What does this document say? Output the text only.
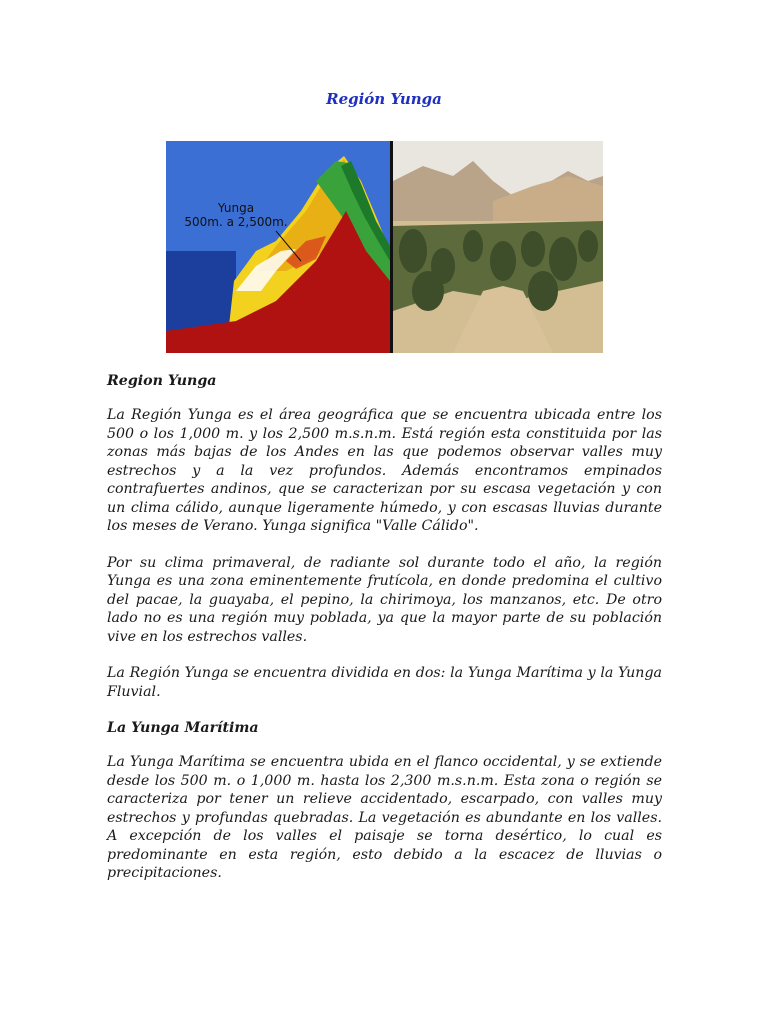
Región Yunga
Yunga
500m. a 2,500m.
Region Yunga

La Región Yunga es el área geográfica que se encuentra ubicada entre los 500 o los 1,000 m. y los 2,500 m.s.n.m. Está región esta constituida por las zonas más bajas de los Andes en las que podemos observar valles muy estrechos y a la vez profundos. Además encontramos empinados contrafuertes andinos, que se caracterizan por su escasa vegetación y con un clima cálido, aunque ligeramente húmedo, y con escasas lluvias durante los meses de Verano. Yunga significa "Valle Cálido".

Por su clima primaveral, de radiante sol durante todo el año, la región Yunga es una zona eminentemente frutícola, en donde predomina el cultivo del pacae, la guayaba, el pepino, la chirimoya, los manzanos, etc. De otro lado no es una región muy poblada, ya que la mayor parte de su población vive en los estrechos valles.

La Región Yunga se encuentra dividida en dos: la Yunga Marítima y la Yunga Fluvial.

La Yunga Marítima

La Yunga Marítima se encuentra ubida en el flanco occidental, y se extiende desde los 500 m. o 1,000 m. hasta los 2,300 m.s.n.m. Esta zona o región se caracteriza por tener un relieve accidentado, escarpado, con valles muy estrechos y profundas quebradas. La vegetación es abundante en los valles. A excepción de los valles el paisaje se torna desértico, lo cual es predominante en esta región, esto debido a la escacez de lluvias o precipitaciones.
